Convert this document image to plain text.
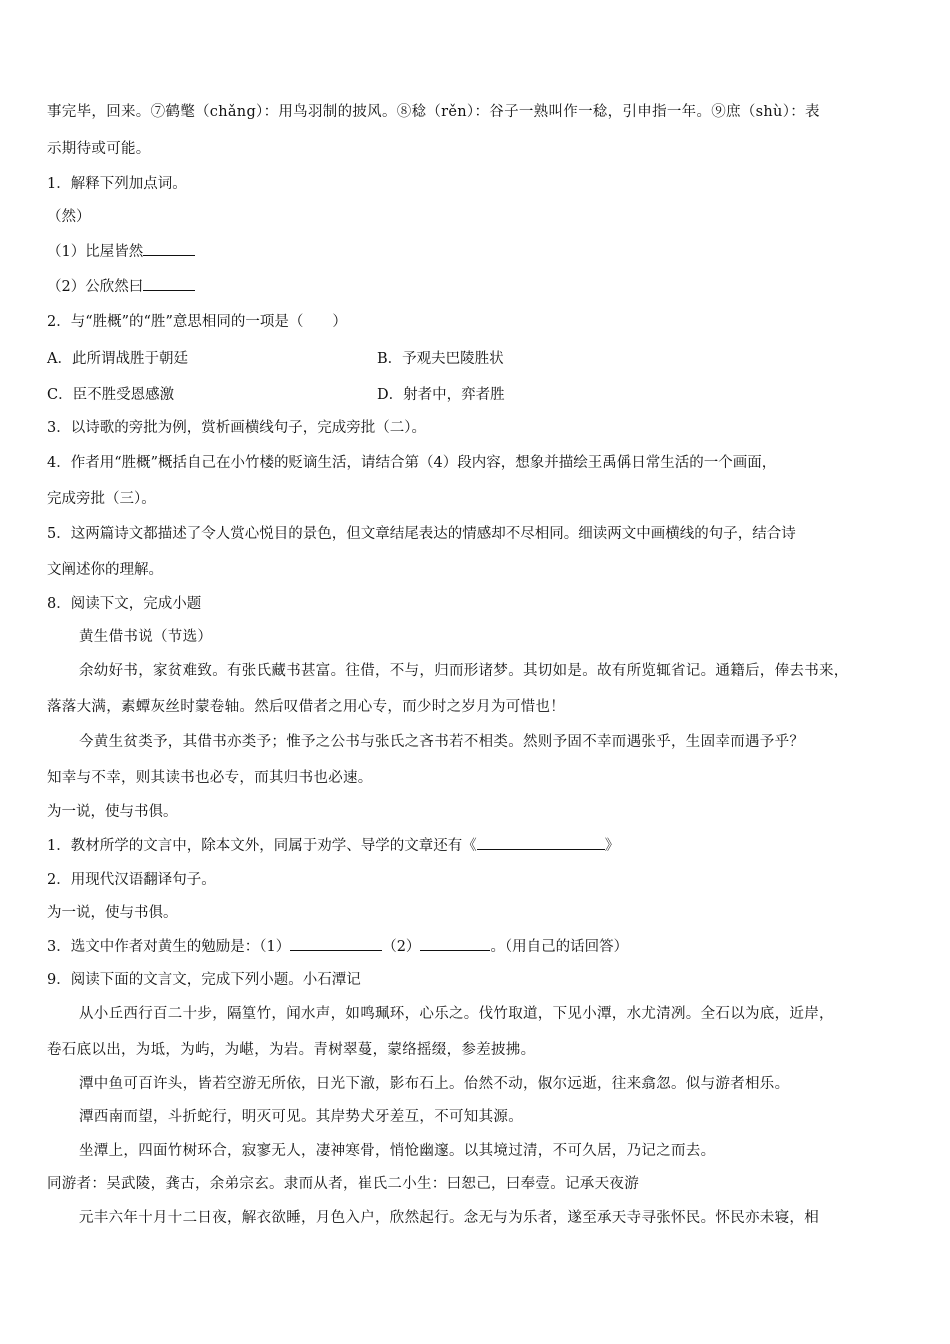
事完毕，回来。⑦鹤氅（chǎng）：用鸟羽制的披风。⑧稔（rěn）：谷子一熟叫作一稔，引申指一年。⑨庶（shù）：表
示期待或可能。
1．解释下列加点词。
（然）
（1）比屋皆然
（2）公欣然曰
2．与“胜概”的“胜”意思相同的一项是（　　）
A．此所谓战胜于朝廷	B．予观夫巴陵胜状
C．臣不胜受恩感激	D．射者中，弈者胜
3．以诗歌的旁批为例，赏析画横线句子，完成旁批（二）。
4．作者用“胜概”概括自己在小竹楼的贬谪生活，请结合第（4）段内容，想象并描绘王禹偁日常生活的一个画面，
完成旁批（三）。
5．这两篇诗文都描述了令人赏心悦目的景色，但文章结尾表达的情感却不尽相同。细读两文中画横线的句子，结合诗
文阐述你的理解。
8．阅读下文，完成小题
黄生借书说（节选）
余幼好书，家贫难致。有张氏藏书甚富。往借，不与，归而形诸梦。其切如是。故有所览辄省记。通籍后，俸去书来，
落落大满，素蟫灰丝时蒙卷轴。然后叹借者之用心专，而少时之岁月为可惜也！
今黄生贫类予，其借书亦类予；惟予之公书与张氏之吝书若不相类。然则予固不幸而遇张乎，生固幸而遇予乎？
知幸与不幸，则其读书也必专，而其归书也必速。
为一说，使与书俱。
1．教材所学的文言中，除本文外，同属于劝学、导学的文章还有《	》
2．用现代汉语翻译句子。
为一说，使与书俱。
3．选文中作者对黄生的勉励是：（1）	（2）	。（用自己的话回答）
9．阅读下面的文言文，完成下列小题。小石潭记
从小丘西行百二十步，隔篁竹，闻水声，如鸣珮环，心乐之。伐竹取道，下见小潭，水尤清冽。全石以为底，近岸，
卷石底以出，为坻，为屿，为嵁，为岩。青树翠蔓，蒙络摇缀，参差披拂。
潭中鱼可百许头，皆若空游无所依，日光下澈，影布石上。佁然不动，俶尔远逝，往来翕忽。似与游者相乐。
潭西南而望，斗折蛇行，明灭可见。其岸势犬牙差互，不可知其源。
坐潭上，四面竹树环合，寂寥无人，凄神寒骨，悄怆幽邃。以其境过清，不可久居，乃记之而去。
同游者：吴武陵，龚古，余弟宗玄。隶而从者，崔氏二小生：曰恕己，曰奉壹。记承天夜游
元丰六年十月十二日夜，解衣欲睡，月色入户，欣然起行。念无与为乐者，遂至承天寺寻张怀民。怀民亦未寝，相
